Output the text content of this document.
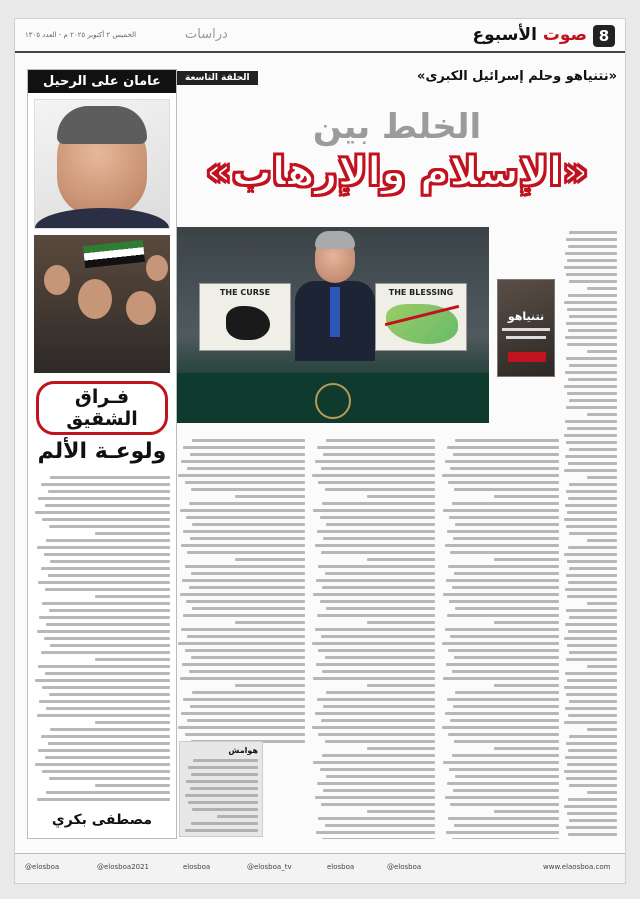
8
صوت الأسبوع
دراسات
الخميس ٢ أكتوبر ٢٠٢٥ م - العدد ١٣٠٥
عامان على الرحيل
فـراق الشقيق
ولوعـة الألم
مصطفى بكري
«نتنياهو وحلم إسرائيل الكبرى»
الحلقة التاسعة
الخلط بين
«الإسلام والإرهاب»
THE CURSE	THE BLESSING
نتنياهو
هوامش
@elosboa	@elosboa2021	elosboa	@elosboa_tv	elosboa	@elosboa	www.elaosboa.com
